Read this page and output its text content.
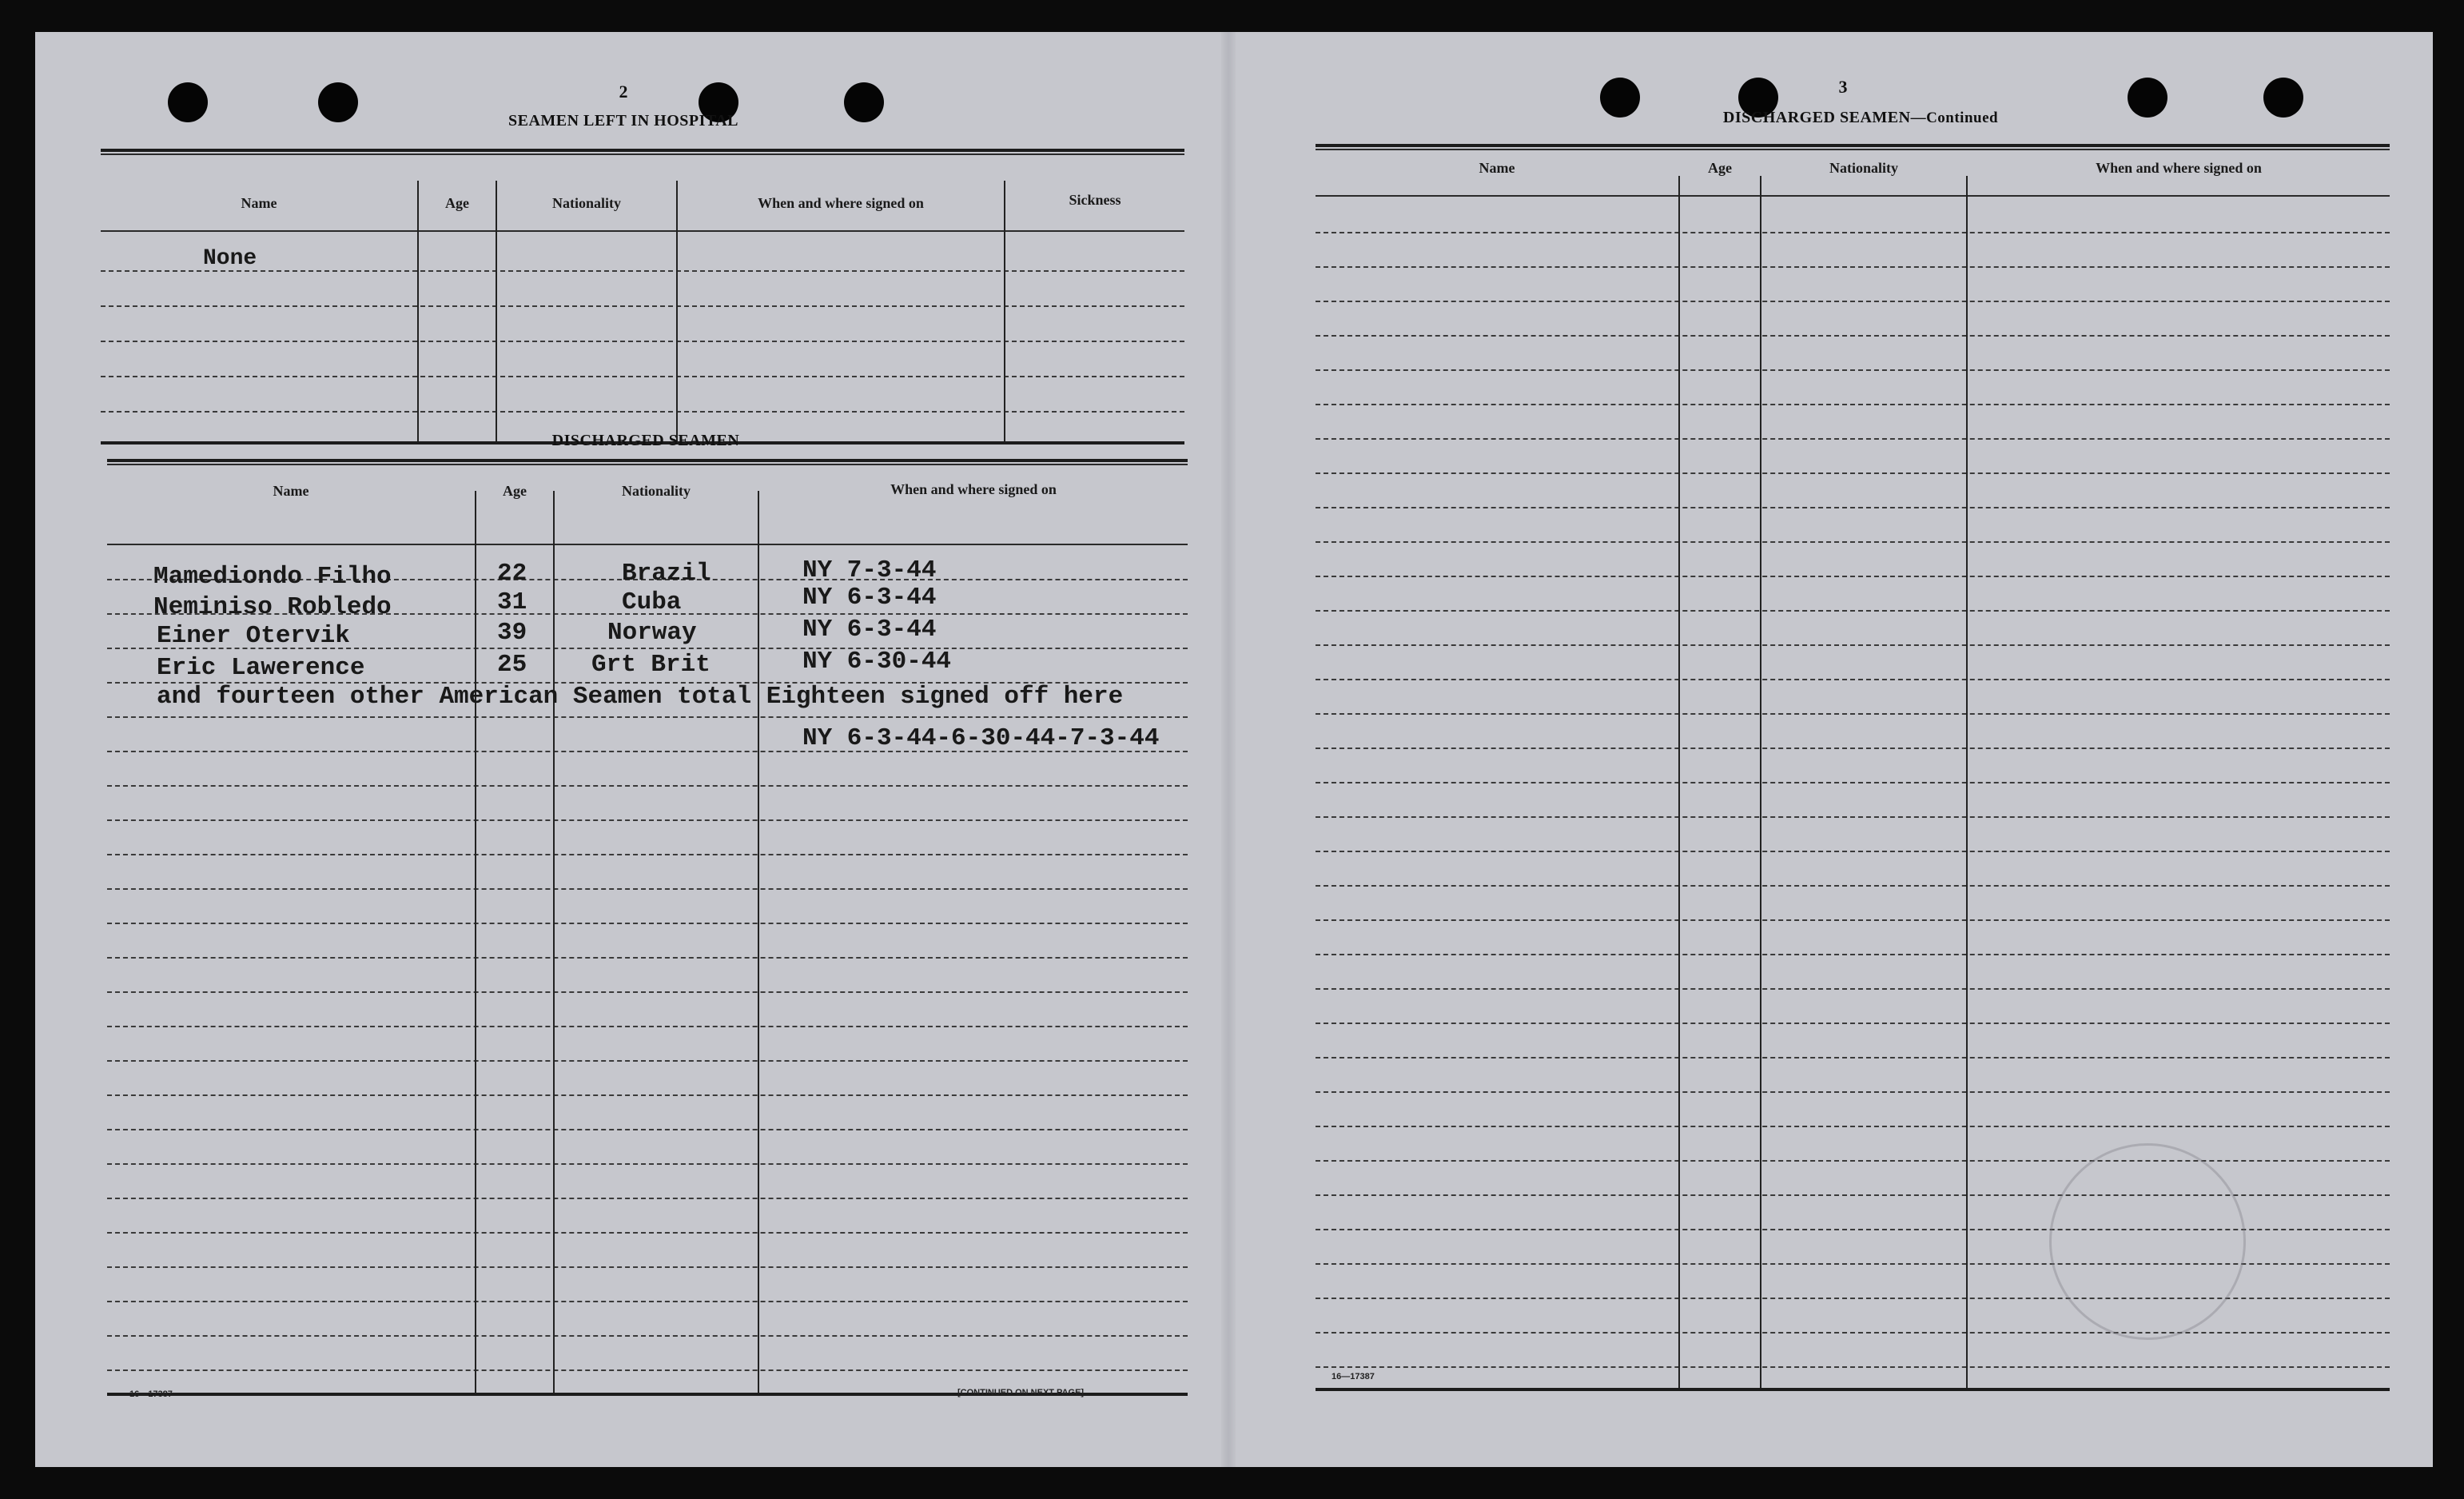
2
SEAMEN LEFT IN HOSPITAL
Name	Age	Nationality	When and where signed on	Sickness
None
DISCHARGED SEAMEN
Name	Age	Nationality	When and where signed on
Mamediondo Filho	22	Brazil	NY 7-3-44
Neminiso Robledo	31	Cuba	NY 6-3-44
Einer Otervik	39	Norway	NY 6-3-44
Eric Lawerence	25	Grt Brit	NY 6-30-44
and fourteen other American Seamen total Eighteen signed off here
NY 6-3-44-6-30-44-7-3-44
16—17387	[CONTINUED ON NEXT PAGE]
3
DISCHARGED SEAMEN—Continued
Name	Age	Nationality	When and where signed on
16—17387
